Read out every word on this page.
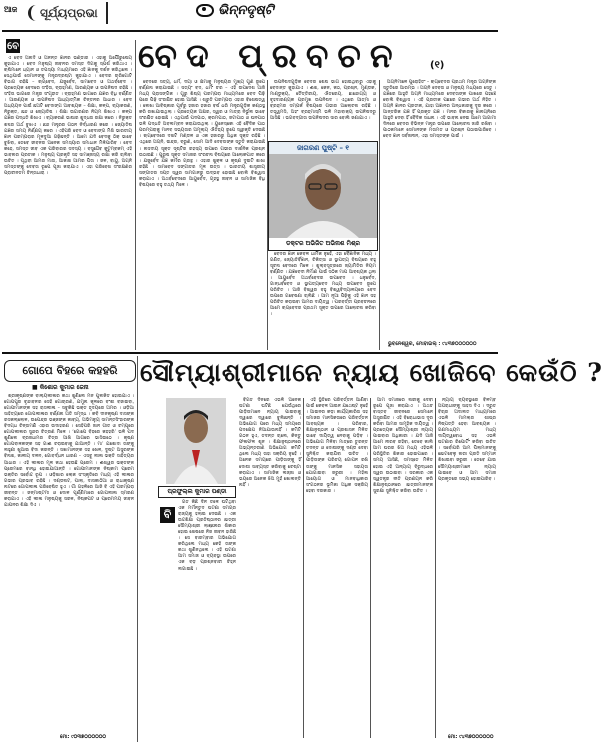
ଆଜ ସୂର୍ଯ୍ୟପ୍ରଭା	ଭିନ୍ନଦୃଷ୍ଟି
ବେ	ବେଦ ପ୍ରବଚନ	(୧)

ଏ ବେଦ ଅନାଦି ଓ ଅନନ୍ତ ଜ୍ଞାନର ଭଣ୍ଡାର । ଏହାକୁ ଅପୌରୁଷେୟ କୁହାଯାଏ । ବେଦ ମନୁଷ୍ୟ ଜୀବନର ସମସ୍ତ ଦିଗକୁ ସ୍ପର୍ଶ କରିଥାଏ । ଋଷିମାନେ ଧ୍ୟାନ ଓ ତପସ୍ୟା ମାଧ୍ୟମରେ ଏହି ଜ୍ଞାନକୁ ଦର୍ଶନ କରିଥିଲେ । ସେଥିପାଇଁ ସେମାନଙ୍କୁ ମନ୍ତ୍ରଦ୍ରଷ୍ଟା କୁହାଯାଏ । ବେଦର ଚାରିଗୋଟି ବିଭାଗ ରହିଛି – ଋଗ୍ବେଦ, ଯଜୁର୍ବେଦ, ସାମବେଦ ଓ ଅଥର୍ବବେଦ । ପ୍ରତ୍ୟେକ ବେଦରେ ସଂହିତା, ବ୍ରାହ୍ମଣ, ଆରଣ୍ୟକ ଓ ଉପନିଷଦ ରହିଛି । ସଂହିତା ଭାଗରେ ମନ୍ତ୍ର ସଂଗୃହୀତ । ବ୍ରାହ୍ମଣ ଭାଗରେ ଯଜ୍ଞର ବିଧି ବର୍ଣ୍ଣିତ । ଆରଣ୍ୟକ ଓ ଉପନିଷଦ ଆଧ୍ୟାତ୍ମିକ ଚିନ୍ତନର ଆଧାର । ବେଦ ଅଧ୍ୟୟନ ପାଇଁ ଛଅଟି ବେଦାଙ୍ଗ ଆବଶ୍ୟକ – ଶିକ୍ଷା, କଳ୍ପ, ବ୍ୟାକରଣ, ନିରୁକ୍ତ, ଛନ୍ଦ ଓ ଜ୍ୟୋତିଷ । ଶିକ୍ଷା ଉଚ୍ଚାରଣର ନିୟମ ଶିଖାଏ । କଳ୍ପ ଯଜ୍ଞର ପଦ୍ଧତି ଶିଖାଏ । ବ୍ୟାକରଣ ଭାଷାର ଶୁଦ୍ଧତା ରକ୍ଷା କରେ । ନିରୁକ୍ତ ଶବ୍ଦର ଅର୍ଥ ବୁଝାଏ । ଛନ୍ଦ ମନ୍ତ୍ରର ଗଠନ ନିର୍ଦ୍ଧାରଣ କରେ । ଜ୍ୟୋତିଷ ଯଜ୍ଞର ସମୟ ନିର୍ଣ୍ଣୟ କରେ । ଏହିପରି ବେଦ ଓ ବେଦାଙ୍ଗ ମିଶି ଭାରତୀୟ ଜ୍ଞାନ ପରମ୍ପରାର ମୂଳଦୁଆ ଗଢ଼ିଛନ୍ତି । ଆମେ ଯଦି ବେଦକୁ ଠିକ୍ ଭାବେ ବୁଝିବା, ତେବେ ଜୀବନର ଅନେକ ସମସ୍ୟାର ସମାଧାନ ମିଳିପାରିବ । ବେଦ କହେ, ସମସ୍ତ ଜୀବ ଏକ ପରିବାରର ସଦସ୍ୟ । ବସୁଧୈବ କୁଟୁମ୍ବକମ୍ ଏହି ଭାବନାର ପ୍ରତୀକ । ମନୁଷ୍ୟ ପ୍ରକୃତି ସହ ସାମଞ୍ଜସ୍ୟ ରକ୍ଷା କରି ଚାଲିବା ଉଚିତ । ପୃଥିବୀ ଆମର ମାତା, ଆକାଶ ଆମର ପିତା । ଜଳ, ବାୟୁ, ଅଗ୍ନି ସମସ୍ତଙ୍କୁ ଦେବତା ରୂପେ ପୂଜା କରାଯାଏ । ଏହା ପରିବେଶ ସଂରକ୍ଷଣର ପ୍ରାଚୀନତମ ଚିନ୍ତାଧାରା ।

ବେଦରେ ସତ୍ୟ, ଧର୍ମ, ଦୟା ଓ କ୍ଷମାକୁ ମନୁଷ୍ୟର ମୁଖ୍ୟ ଗୁଣ ରୂପେ ବର୍ଣ୍ଣନା କରାଯାଇଛି । ସତ୍ୟଂ ବଦ, ଧର୍ମଂ ଚର – ଏହି ଉପଦେଶ ଆଜି ମଧ୍ୟ ପ୍ରାସଙ୍ଗିକ । ଗୁରୁ ଶିଷ୍ୟ ପରମ୍ପରା ମାଧ୍ୟମରେ ବେଦ ପିଢ଼ି ପରେ ପିଢ଼ି ସଂରକ୍ଷିତ ହୋଇ ଆସିଛି । ଶ୍ରୁତି ପରମ୍ପରା ଏହାର ବିଶେଷତ୍ୱ । ଲେଖା ଆବିଷ୍କାର ପୂର୍ବରୁ ହଜାର ହଜାର ବର୍ଷ ଧରି ମନ୍ତ୍ରଗୁଡ଼ିକ କଣ୍ଠସ୍ଥ କରି ରଖାଯାଇଥିଲା । ପ୍ରତ୍ୟେକ ଅକ୍ଷର, ସ୍ୱର ଓ ମାତ୍ରା ନିର୍ଭୁଲ ଭାବେ ସଂରକ୍ଷିତ ହୋଇଛି । ଏଥିପାଇଁ ପଦପାଠ, କ୍ରମପାଠ, ଜଟାପାଠ ଓ ଘନପାଠ ଭଳି ପଦ୍ଧତି ଅବଲମ୍ବନ କରାଯାଉଥିଲା । ୟୁନେସ୍କୋ ଏହି ବୈଦିକ ପାଠ ପରମ୍ପରାକୁ ମାନବ ସଭ୍ୟତାର ଅମୂଲ୍ୟ ଐତିହ୍ୟ ରୂପେ ସ୍ୱୀକୃତି ଦେଇଛି । ଋଗ୍ବେଦରେ ଦଶଟି ମଣ୍ଡଳ ଓ ଏକ ହଜାରରୁ ଅଧିକ ସୂକ୍ତ ରହିଛି । ଏଥିରେ ଅଗ୍ନି, ଇନ୍ଦ୍ର, ବରୁଣ, ସୋମ ଆଦି ଦେବତାଙ୍କ ସ୍ତୁତି କରାଯାଇଛି । ନାସଦୀୟ ସୂକ୍ତ ସୃଷ୍ଟିର ରହସ୍ୟ ଉପରେ ଗଭୀର ଦାର୍ଶନିକ ପ୍ରଶ୍ନ ଉଠାଇଛି । ପୁରୁଷ ସୂକ୍ତ ସମାଜର ସଂରଚନା ବିଷୟରେ ଆଲୋକପାତ କରେ । ଯଜୁର୍ବେଦ ଯଜ୍ଞ କର୍ମର ଗ୍ରନ୍ଥ । ଏହାର ଶୁକ୍ଳ ଓ କୃଷ୍ଣ ଦୁଇଟି ଶାଖା ରହିଛି । ସାମବେଦ ସଙ୍ଗୀତର ମୂଳ ଉତ୍ସ । ଭାରତୀୟ ଶାସ୍ତ୍ରୀୟ ସଙ୍ଗୀତର ସପ୍ତ ସ୍ୱର ସାମଗାନରୁ ଉଦ୍ଭବ ହୋଇଛି ବୋଲି ବିଶ୍ୱାସ କରାଯାଏ । ଅଥର୍ବବେଦରେ ଆୟୁର୍ବେଦ, ଗୃହସ୍ଥ ଜୀବନ ଓ ସାମାଜିକ ବିଧି ବିଷୟରେ ବହୁ ତଥ୍ୟ ମିଳେ ।

ଉପନିଷଦଗୁଡ଼ିକ ବେଦର ଶେଷ ଭାଗ ହୋଇଥିବାରୁ ଏହାକୁ ବେଦାନ୍ତ କୁହାଯାଏ । ଈଶ, କେନ, କଠ, ପ୍ରଶ୍ନ, ମୁଣ୍ଡକ, ମାଣ୍ଡୁକ୍ୟ, ତୈତ୍ତିରୀୟ, ଐତରେୟ, ଛାନ୍ଦୋଗ୍ୟ ଓ ବୃହଦାରଣ୍ୟକ ପ୍ରମୁଖ ଉପନିଷଦ । ଏଥିରେ ଆତ୍ମା ଓ ବ୍ରହ୍ମର ସମ୍ପର୍କ ବିଷୟରେ ଗଭୀର ଆଲୋଚନା ରହିଛି । ତତ୍ତ୍ୱମସି, ଅହଂ ବ୍ରହ୍ମାସ୍ମି ଭଳି ମହାବାକ୍ୟ ଉପନିଷଦରୁ ଆସିଛି । ଭଗବଦ୍ଗୀତା ଉପନିଷଦର ସାର ବୋଲି ଜଣାଯାଏ ।

ଜାଗରଣ ପୁଷ୍ଟି – ୧
ଡକ୍ଟର ଅଭିଜିତ ଅଭିନାଶ ମିଶ୍ର

ବେଦର ଜ୍ଞାନ କେବଳ ଧାର୍ମିକ ନୁହେଁ, ଏହା ବୈଜ୍ଞାନିକ ମଧ୍ୟ । ଗଣିତ, ଜ୍ୟୋତିର୍ବିଜ୍ଞାନ, ଚିକିତ୍ସା ଓ ସ୍ଥାପତ୍ୟ ବିଷୟରେ ବହୁ ସୂଚନା ବେଦରେ ମିଳେ । ଶୁଲ୍ବସୂତ୍ରରେ ଜ୍ୟାମିତିର ନିୟମ ବର୍ଣ୍ଣିତ । ଯଜ୍ଞବେଦୀ ନିର୍ମାଣ ପାଇଁ ସଠିକ ମାପ ଆବଶ୍ୟକ ଥିଲା । ଆୟୁର୍ବେଦ ଅଥର୍ବବେଦର ଉପବେଦ । ଧନୁର୍ବେଦ, ଗାନ୍ଧର୍ବବେଦ ଓ ସ୍ଥାପତ୍ୟବେଦ ମଧ୍ୟ ଉପବେଦ ରୂପେ ପରିଚିତ । ଆଜି ବିଶ୍ୱର ବହୁ ବିଶ୍ୱବିଦ୍ୟାଳୟରେ ବେଦ ଉପରେ ଗବେଷଣା ଚାଲିଛି । ଆମ ନୂଆ ପିଢ଼ିକୁ ଏହି ଜ୍ଞାନ ସହ ପରିଚିତ କରାଇବା ଆମର ଦାୟିତ୍ୱ । ପରବର୍ତ୍ତୀ ପ୍ରବଚନରେ ଆମେ ଋଗ୍ବେଦର ପ୍ରଥମ ସୂକ୍ତ ଉପରେ ଆଲୋଚନା କରିବା ।

ଅଗ୍ନିମୀଳେ ପୁରୋହିତଂ – ଋଗ୍ବେଦର ପ୍ରଥମ ମନ୍ତ୍ର ଅଗ୍ନିଙ୍କ ସ୍ତୁତିରେ ଆରମ୍ଭ । ଅଗ୍ନି ଦେବତା ଓ ମନୁଷ୍ୟ ମଧ୍ୟରେ ସେତୁ । ଯଜ୍ଞରେ ଆହୁତି ଅଗ୍ନି ମାଧ୍ୟମରେ ଦେବତାଙ୍କ ପାଖରେ ପହଞ୍ଚେ ବୋଲି ବିଶ୍ୱାସ । ଏହି ପ୍ରତୀକ ପଛରେ ଗଭୀର ଅର୍ଥ ନିହିତ । ଅଗ୍ନି ଜ୍ଞାନର ପ୍ରତୀକ, ଯାହା ଅଜ୍ଞାନର ଅନ୍ଧକାରକୁ ଦୂର କରେ । ଆନ୍ତରିକ ଯଜ୍ଞ ହିଁ ପ୍ରକୃତ ଯଜ୍ଞ । ମନର ବିକାରକୁ ଜ୍ଞାନାଗ୍ନିରେ ଆହୁତି ଦେବା ହିଁ ବୈଦିକ ସାଧନା । ଏହି ଭାବନା ନେଇ ଆମେ ଆଗାମୀ ଦିନରେ ବେଦର ବିଭିନ୍ନ ମନ୍ତ୍ର ଉପରେ ଆଲୋଚନା ଜାରି ରଖିବା । ପାଠକମାନେ ସେମାନଙ୍କ ମତାମତ ଓ ପ୍ରଶ୍ନ ପଠାଇପାରିବେ । ବେଦ ଜ୍ଞାନ ସର୍ବଜନୀନ, ଏହା ସମସ୍ତଙ୍କ ପାଇଁ ।

ଭୁବନେଶ୍ୱର, ମୋବାଇଲ୍ : ୯୪୩୭୦୦୦୦୦୦
ଗୋପେ ବିହରେ କହହରି
■ କିଶୋର କୁମାର ଜେନା

ଶ୍ରୀକୃଷ୍ଣଙ୍କ ବାଲ୍ୟଲୀଳାର କଥା ଶୁଣିଲେ ମନ ପୁଲକିତ ହୋଇଯାଏ । ଗୋପପୁର ବୃନ୍ଦାବନର ସେହି ଗୋଚାରଣ, ଯମୁନା କୂଳରେ ବଂଶୀ ବଜାଇବା, ଗୋପୀମାନଙ୍କ ସହ ରାସଲୀଳା – ସବୁକିଛି ଭକ୍ତ ହୃଦୟରେ ଅମର । ଓଡ଼ିଆ ସାହିତ୍ୟରେ ଗୋପଲୀଳାର ବର୍ଣ୍ଣନା ଅତି ସମୃଦ୍ଧ । କବି ଦୀନକୃଷ୍ଣ ଦାସଙ୍କ ରସକଲ୍ଲୋଳ, ଉପେନ୍ଦ୍ର ଭଞ୍ଜଙ୍କ କାବ୍ୟ, ଅଭିମନ୍ୟୁ ସାମନ୍ତସିଂହାରଙ୍କ ବିଦଗ୍ଧ ଚିନ୍ତାମଣି ଏହାର ଉଦାହରଣ । ସେହିପରି ଜାନ ଗୀତ ଓ ଚମ୍ପୂରେ ଗୋପଲୀଳାର ସୁନ୍ଦର ଚିତ୍ରଣ ମିଳେ । ‘ଗୋପେ ବିହରେ କହହରି’ ଭଳି ପଦ ଶୁଣିଲେ ବ୍ରଜଧାମର ଚିତ୍ର ଆଖି ଆଗରେ ଭାସିଉଠେ । କୃଷ୍ଣ ଗୋପବାଳକଙ୍କ ସହ ଗାଈ ଚରାଇବାକୁ ଯାଆନ୍ତି । ମା’ ଯଶୋଦା ତାଙ୍କୁ ଲହୁଣୀ ଖୁଆଇ ବିଦା କରନ୍ତି । ସଖାମାନଙ୍କ ସହ ଖେଳ, ଦୁଷ୍ଟ ଅସୁରଙ୍କ ବିନାଶ, କାଳୀୟ ଦଳନ, ଗୋବର୍ଦ୍ଧନ ଧାରଣ – ଏସବୁ ଲୀଳା ଭକ୍ତି ସାହିତ୍ୟର ଆଧାର । ଏହି ଲୀଳାର ମୂଳ କଥା ହେଉଛି ପ୍ରେମ । ଈଶ୍ୱର ଭକ୍ତଙ୍କ ପ୍ରେମରେ ବାନ୍ଧି ହୋଇଯାଆନ୍ତି । ଗୋପୀମାନଙ୍କ ନିଷ୍କାମ ପ୍ରେମ ଭକ୍ତିର ସର୍ବୋଚ୍ଚ ରୂପ । ଓଡ଼ିଶାର ଲୋକ ସଂସ୍କୃତିରେ ମଧ୍ୟ ଏହି ଲୀଳାର ଗଭୀର ପ୍ରଭାବ ରହିଛି । ଦଣ୍ଡନାଟ, ପାଲା, ଦାସକାଠିଆ ଓ ରାଧାକୃଷ୍ଣ ନାଟରେ ଗୋପଲୀଳା ପରିବେଷିତ ହୁଏ । ଗାଁ ଗହଳିରେ ଆଜି ବି ଏହି ପରମ୍ପରା ଜୀବନ୍ତ । ଜନ୍ମାଷ୍ଟମୀ ଓ ଦୋଳ ପୂର୍ଣ୍ଣିମାରେ ଗୋପଲୀଳା ସ୍ମରଣ କରାଯାଏ । ଏହି ଲୀଳା ମନୁଷ୍ୟକୁ ସରଳ, ନିଷ୍କପଟ ଓ ପ୍ରେମମୟ ଜୀବନ ଯାପନର ଶିକ୍ଷା ଦିଏ ।

ମୋ: ୯୦୩୭୦୦୦୦୦୦
ସୌମ୍ୟାଶ୍ରୀମାନେ ନ୍ୟାୟ ଖୋଜିବେ କେଉଁଠି ?
ପ୍ରଫୁଲ୍ଲ କୁମାର ପଣ୍ଡା
ବି

ଗତ କିଛି ଦିନ ତଳେ ଘଟିଥିବା ଏକ ମର୍ମନ୍ତୁଦ ଘଟଣା ସମଗ୍ର ରାଜ୍ୟକୁ ହଲାଇ ଦେଇଛି । ଏକ ଉଚ୍ଚଶିକ୍ଷା ପ୍ରତିଷ୍ଠାନର ଛାତ୍ରୀ ସୌମ୍ୟାଶ୍ରୀ ଲାଞ୍ଛନାର ଶିକାର ହୋଇ ଶେଷରେ ନିଜ ଜୀବନ ହାରିଛି । ସେ ବାରମ୍ବାର ଅଭିଯୋଗ କରିଥିଲେ ମଧ୍ୟ କେହି ତାଙ୍କ କଥା ଶୁଣିନଥିଲେ । ଏହି ଘଟଣା ଆମ ସମାଜ ଓ ବ୍ୟବସ୍ଥା ଉପରେ ଏକ ବଡ଼ ପ୍ରଶ୍ନବାଚୀ ଚିହ୍ନ ଲଗାଇଛି ।

ବିଗତ ଦିନରେ ଏଭଳି ଅନେକ ଘଟଣା ଘଟିଛି ଯେଉଁଥିରେ ପୀଡ଼ିତାମାନେ ନ୍ୟାୟ ପାଇବାକୁ ଦ୍ୱାରେ ଦ୍ୱାରେ ବୁଲିଛନ୍ତି । ଅଭିଯୋଗ ପରେ ମଧ୍ୟ ସମୟରେ ପଦକ୍ଷେପ ନିଆଯାଉନାହିଁ । କମିଟି ଗଠନ ହୁଏ, ତଦନ୍ତ ଚାଲେ, କିନ୍ତୁ ଫଳାଫଳ ଶୂନ । ଶିକ୍ଷାନୁଷ୍ଠାନରେ ଅଭ୍ୟନ୍ତରୀଣ ଅଭିଯୋଗ କମିଟି ଥିଲେ ମଧ୍ୟ ତାହା ସକ୍ରିୟ ନୁହେଁ । ଅନେକ ସମୟରେ ପୀଡ଼ିତାଙ୍କୁ ହିଁ ଦୋଷୀ ସାବ୍ୟସ୍ତ କରିବାକୁ ଚେଷ୍ଟା କରାଯାଏ । ସାମାଜିକ ଲଜ୍ଜା ଓ ଭୟରେ ଅନେକ ଝିଅ ମୁହଁ ଖୋଲନ୍ତି ନାହିଁ ।

ଏହି ସ୍ଥିତିରେ ପରିବର୍ତ୍ତନ ଆଣିବା ପାଇଁ କେବଳ ଆଇନ ଯଥେଷ୍ଟ ନୁହେଁ । ଆଇନର କଡ଼ା କାର୍ଯ୍ୟକାରିତା ସହ ସମାଜର ମାନସିକତାରେ ପରିବର୍ତ୍ତନ ଆବଶ୍ୟକ । ପରିବାର, ଶିକ୍ଷାନୁଷ୍ଠାନ ଓ ପ୍ରଶାସନ ମିଳିତ ଭାବେ ଦାୟିତ୍ୱ ନେବାକୁ ପଡ଼ିବ । ଅଭିଯୋଗ ମିଳିବା ମାତ୍ରେ ତୁରନ୍ତ ତଦନ୍ତ ଓ ଦୋଷୀଙ୍କୁ ଦଣ୍ଡ ଦେବା ସୁନିଶ୍ଚିତ କରାଯିବା ଉଚିତ । ପୀଡ଼ିତାଙ୍କ ପରିଚୟ ଗୋପନ ରଖି ତାଙ୍କୁ ମାନସିକ ସହାୟତା ଯୋଗାଇବା ଜରୁରୀ । ମହିଳା ଆୟୋଗ ଓ ମାନବାଧିକାର ସଂଗଠନର ଭୂମିକା ଅଧିକ ସକ୍ରିୟ ହେବା ଦରକାର ।

ଆମ ସମାଜରେ ନାରୀକୁ ଦେବୀ ରୂପେ ପୂଜା କରାଯାଏ । ଅଥଚ ବାସ୍ତବ ଜୀବନରେ ସେମାନେ ଅସୁରକ୍ଷିତ । ଏହି ବିରୋଧାଭାସ ଦୂର କରିବା ଆମର ସାମୂହିକ ଦାୟିତ୍ୱ । ପ୍ରତ୍ୟେକ ସୌମ୍ୟାଶ୍ରୀ ନ୍ୟାୟ ପାଇବାର ଅଧିକାରୀ । ଯଦି ଆଜି ଆମେ ନୀରବ ରହିବା, ତେବେ କାଲି ଆମ ଘରର ଝିଅ ମଧ୍ୟ ଏହିଭଳି ପରିସ୍ଥିତିର ଶିକାର ହୋଇପାରେ । ସମୟ ଆସିଛି, ସମସ୍ତେ ମିଳିତ ହୋଇ ଏହି ଅନ୍ୟାୟ ବିରୁଦ୍ଧରେ ସ୍ୱର ଉଠାଇବା । ସରକାର ଏକ ସ୍ୱତନ୍ତ୍ର ନୀତି ପ୍ରଣୟନ କରି ଶିକ୍ଷାନୁଷ୍ଠାନରେ ଛାତ୍ରୀମାନଙ୍କ ସୁରକ୍ଷା ସୁନିଶ୍ଚିତ କରିବା ଉଚିତ ।

ନ୍ୟାୟ ବ୍ୟବସ୍ଥାରେ ବିଳମ୍ବ ଅପରାଧୀଙ୍କୁ ସାହସ ଦିଏ । ଦ୍ରୁତ ବିଚାର ଅଦାଲତ ମାଧ୍ୟମରେ ଏଭଳି ମାମଲାର ଶୀଘ୍ର ନିଷ୍ପତ୍ତି ହେବା ଆବଶ୍ୟକ । ଗଣମାଧ୍ୟମ ମଧ୍ୟ ଦାୟିତ୍ୱବୋଧ ସହ ଏଭଳି ଘଟଣାର ରିପୋର୍ଟିଂ କରିବା ଉଚିତ । ସର୍ବୋପରି ଆମ ପିଲାମାନଙ୍କୁ ଛୋଟବେଳୁ ନାରୀ ପ୍ରତି ସମ୍ମାନ ଶିଖାଇବା ଜରୁରୀ । ତେବେ ଯାଇ ସୌମ୍ୟାଶ୍ରୀମାନେ ନ୍ୟାୟ ପାଇବେ ଓ ଆମ ସମାଜ ପ୍ରକୃତରେ ସଭ୍ୟ ହୋଇପାରିବ ।

ମୋ: ୯୪୩୭୦୦୦୦୦୦
